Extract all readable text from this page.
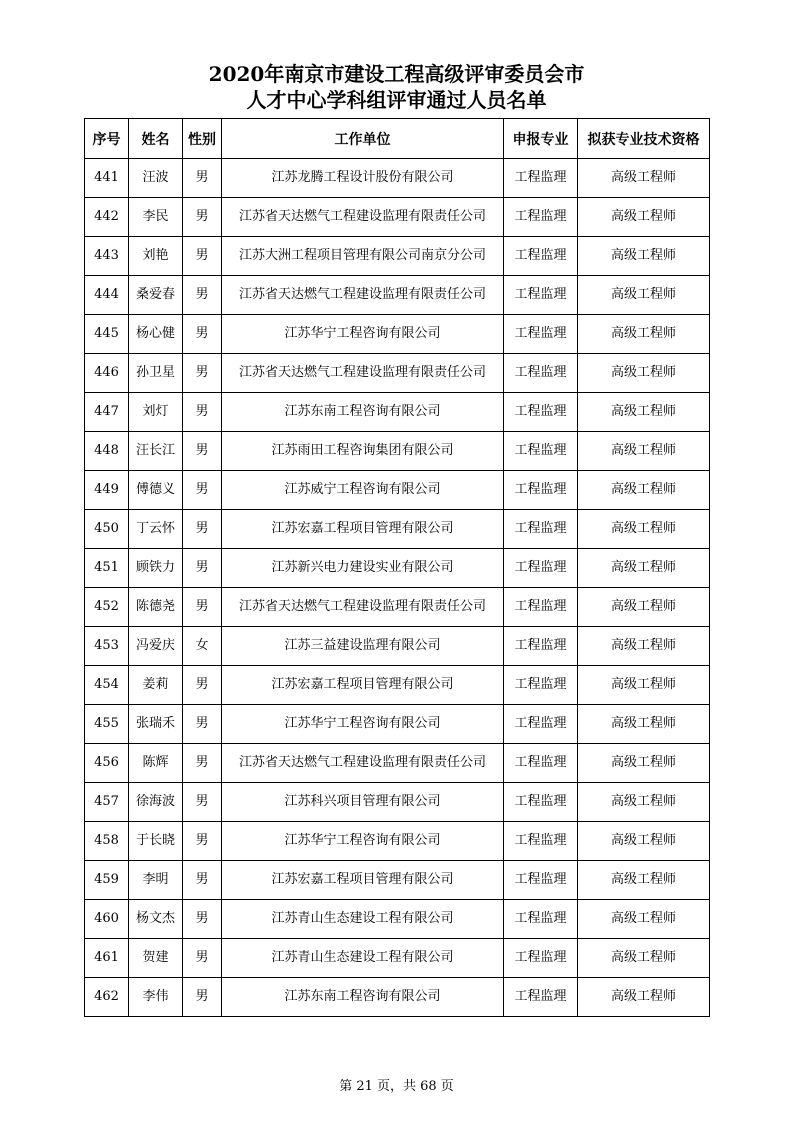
2020年南京市建设工程高级评审委员会市
人才中心学科组评审通过人员名单
序号	姓名	性别	工作单位	申报专业	拟获专业技术资格
441	汪波	男	江苏龙腾工程设计股份有限公司	工程监理	高级工程师
442	李民	男	江苏省天达燃气工程建设监理有限责任公司	工程监理	高级工程师
443	刘艳	男	江苏大洲工程项目管理有限公司南京分公司	工程监理	高级工程师
444	桑爱春	男	江苏省天达燃气工程建设监理有限责任公司	工程监理	高级工程师
445	杨心健	男	江苏华宁工程咨询有限公司	工程监理	高级工程师
446	孙卫星	男	江苏省天达燃气工程建设监理有限责任公司	工程监理	高级工程师
447	刘灯	男	江苏东南工程咨询有限公司	工程监理	高级工程师
448	汪长江	男	江苏雨田工程咨询集团有限公司	工程监理	高级工程师
449	傅德义	男	江苏威宁工程咨询有限公司	工程监理	高级工程师
450	丁云怀	男	江苏宏嘉工程项目管理有限公司	工程监理	高级工程师
451	顾铁力	男	江苏新兴电力建设实业有限公司	工程监理	高级工程师
452	陈德尧	男	江苏省天达燃气工程建设监理有限责任公司	工程监理	高级工程师
453	冯爱庆	女	江苏三益建设监理有限公司	工程监理	高级工程师
454	姜莉	男	江苏宏嘉工程项目管理有限公司	工程监理	高级工程师
455	张瑞禾	男	江苏华宁工程咨询有限公司	工程监理	高级工程师
456	陈辉	男	江苏省天达燃气工程建设监理有限责任公司	工程监理	高级工程师
457	徐海波	男	江苏科兴项目管理有限公司	工程监理	高级工程师
458	于长晓	男	江苏华宁工程咨询有限公司	工程监理	高级工程师
459	李明	男	江苏宏嘉工程项目管理有限公司	工程监理	高级工程师
460	杨文杰	男	江苏青山生态建设工程有限公司	工程监理	高级工程师
461	贺建	男	江苏青山生态建设工程有限公司	工程监理	高级工程师
462	李伟	男	江苏东南工程咨询有限公司	工程监理	高级工程师
第 21 页，共 68 页
